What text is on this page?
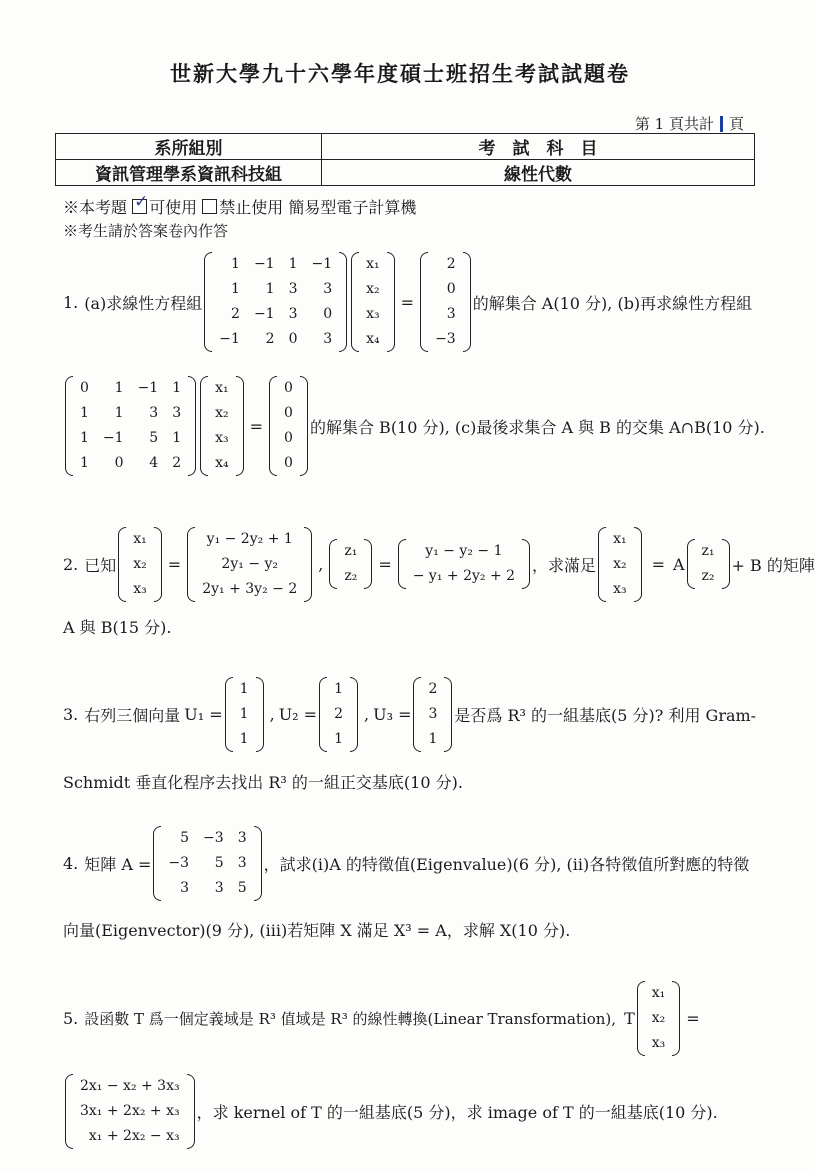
世新大學九十六學年度碩士班招生考試試題卷
第 1 頁共計 頁
系所組別	考　試　科　目
資訊管理學系資訊科技組	線性代數
※本考題 ✓ 可使用 禁止使用 簡易型電子計算機
※考生請於答案卷內作答
1. (a)求線性方程組
1	−1	1	−1
1	1	3	3
2	−1	3	0
−1	2	0	3
x₁
x₂
x₃
x₄
=
2
0
3
−3
的解集合 A(10 分), (b)再求線性方程組
0	1	−1	1
1	1	3	3
1	−1	5	1
1	0	4	2
x₁
x₂
x₃
x₄
=
0
0
0
0
的解集合 B(10 分), (c)最後求集合 A 與 B 的交集 A∩B(10 分).
2. 已知
x₁
x₂
x₃
=
y₁ − 2y₂ + 1
2y₁ − y₂
2y₁ + 3y₂ − 2
,
z₁
z₂
=
y₁ − y₂ − 1
− y₁ + 2y₂ + 2
，求滿足
x₁
x₂
x₃
= A
z₁
z₂
+ B 的矩陣
A 與 B(15 分).
3. 右列三個向量 U₁ =
1
1
1
, U₂ =
1
2
1
, U₃ =
2
3
1
是否爲 R³ 的一組基底(5 分)? 利用 Gram-
Schmidt 垂直化程序去找出 R³ 的一組正交基底(10 分).
4. 矩陣 A =
5	−3	3
−3	5	3
3	3	5
，試求(i)A 的特徵值(Eigenvalue)(6 分), (ii)各特徵值所對應的特徵
向量(Eigenvector)(9 分), (iii)若矩陣 X 滿足 X³ = A，求解 X(10 分).
5. 設函數 T 爲一個定義域是 R³ 值域是 R³ 的線性轉換(Linear Transformation), T
x₁
x₂
x₃
=
2x₁ − x₂ + 3x₃
3x₁ + 2x₂ + x₃
x₁ + 2x₂ − x₃
，求 kernel of T 的一組基底(5 分)，求 image of T 的一組基底(10 分).
